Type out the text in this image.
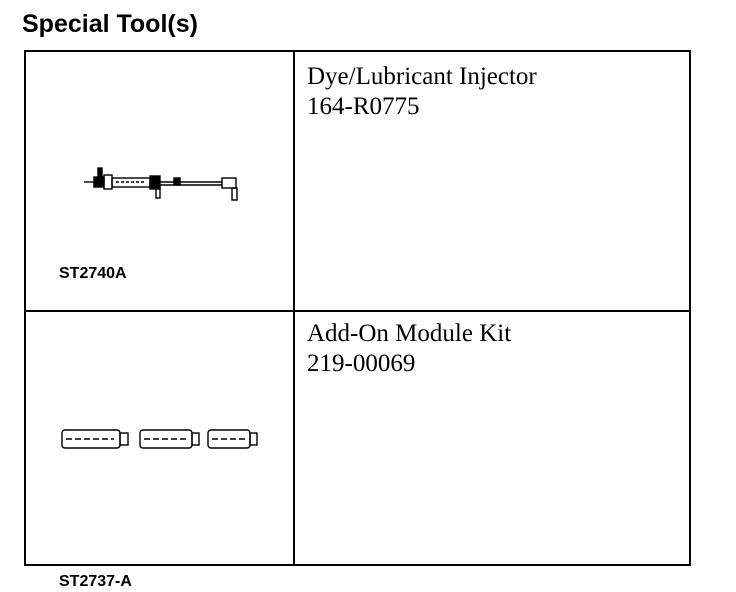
Special Tool(s)
ST2740A
Dye/Lubricant Injector
164-R0775
ST2737-A
Add-On Module Kit
219-00069
